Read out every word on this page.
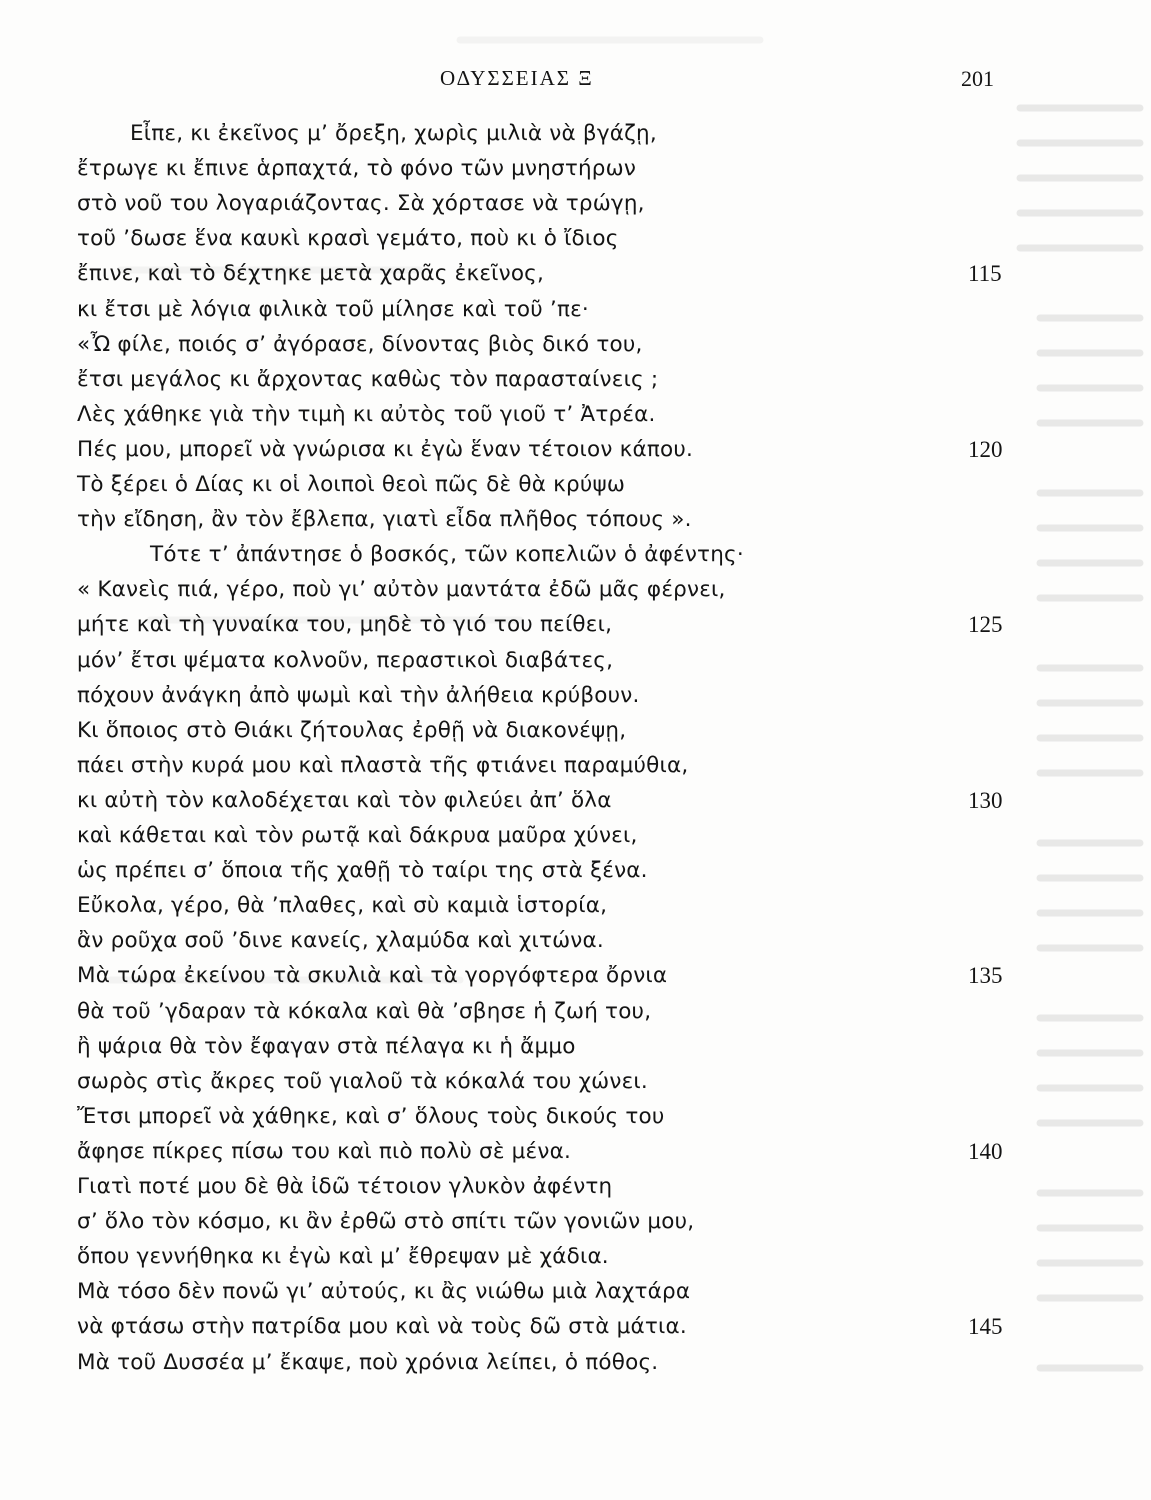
ΟΔΥΣΣΕΙΑΣ Ξ	201
Εἶπε, κι ἐκεῖνος μ’ ὄρεξη, χωρὶς μιλιὰ νὰ βγάζῃ,
ἔτρωγε κι ἔπινε ἁρπαχτά, τὸ φόνο τῶν μνηστήρων
στὸ νοῦ του λογαριάζοντας. Σὰ χόρτασε νὰ τρώγῃ,
τοῦ ’δωσε ἕνα καυκὶ κρασὶ γεμάτο, ποὺ κι ὁ ἴδιος
ἔπινε, καὶ τὸ δέχτηκε μετὰ χαρᾶς ἐκεῖνος,	115
κι ἔτσι μὲ λόγια φιλικὰ τοῦ μίλησε καὶ τοῦ ’πε·
«Ὦ φίλε, ποιός σ’ ἀγόρασε, δίνοντας βιὸς δικό του,
ἔτσι μεγάλος κι ἄρχοντας καθὼς τὸν παρασταίνεις ;
Λὲς χάθηκε γιὰ τὴν τιμὴ κι αὐτὸς τοῦ γιοῦ τ’ Ἀτρέα.
Πές μου, μπορεῖ νὰ γνώρισα κι ἐγὼ ἕναν τέτοιον κάπου.	120
Τὸ ξέρει ὁ Δίας κι οἱ λοιποὶ θεοὶ πῶς δὲ θὰ κρύψω
τὴν εἴδηση, ἂν τὸν ἔβλεπα, γιατὶ εἶδα πλῆθος τόπους ».
Τότε τ’ ἀπάντησε ὁ βοσκός, τῶν κοπελιῶν ὁ ἀφέντης·
« Κανεὶς πιά, γέρο, ποὺ γι’ αὐτὸν μαντάτα ἐδῶ μᾶς φέρνει,
μήτε καὶ τὴ γυναίκα του, μηδὲ τὸ γιό του πείθει,	125
μόν’ ἔτσι ψέματα κολνοῦν, περαστικοὶ διαβάτες,
πόχουν ἀνάγκη ἀπὸ ψωμὶ καὶ τὴν ἀλήθεια κρύβουν.
Κι ὅποιος στὸ Θιάκι ζήτουλας ἐρθῇ νὰ διακονέψῃ,
πάει στὴν κυρά μου καὶ πλαστὰ τῆς φτιάνει παραμύθια,
κι αὐτὴ τὸν καλοδέχεται καὶ τὸν φιλεύει ἀπ’ ὅλα	130
καὶ κάθεται καὶ τὸν ρωτᾷ καὶ δάκρυα μαῦρα χύνει,
ὡς πρέπει σ’ ὅποια τῆς χαθῇ τὸ ταίρι της στὰ ξένα.
Εὔκολα, γέρο, θὰ ’πλαθες, καὶ σὺ καμιὰ ἱστορία,
ἂν ροῦχα σοῦ ’δινε κανείς, χλαμύδα καὶ χιτώνα.
Μὰ τώρα ἐκείνου τὰ σκυλιὰ καὶ τὰ γοργόφτερα ὄρνια	135
θὰ τοῦ ’γδαραν τὰ κόκαλα καὶ θὰ ’σβησε ἡ ζωή του,
ἢ ψάρια θὰ τὸν ἔφαγαν στὰ πέλαγα κι ἡ ἄμμο
σωρὸς στὶς ἄκρες τοῦ γιαλοῦ τὰ κόκαλά του χώνει.
Ἔτσι μπορεῖ νὰ χάθηκε, καὶ σ’ ὅλους τοὺς δικούς του
ἄφησε πίκρες πίσω του καὶ πιὸ πολὺ σὲ μένα.	140
Γιατὶ ποτέ μου δὲ θὰ ἰδῶ τέτοιον γλυκὸν ἀφέντη
σ’ ὅλο τὸν κόσμο, κι ἂν ἐρθῶ στὸ σπίτι τῶν γονιῶν μου,
ὅπου γεννήθηκα κι ἐγὼ καὶ μ’ ἔθρεψαν μὲ χάδια.
Μὰ τόσο δὲν πονῶ γι’ αὐτούς, κι ἂς νιώθω μιὰ λαχτάρα
νὰ φτάσω στὴν πατρίδα μου καὶ νὰ τοὺς δῶ στὰ μάτια.	145
Μὰ τοῦ Δυσσέα μ’ ἔκαψε, ποὺ χρόνια λείπει, ὁ πόθος.
